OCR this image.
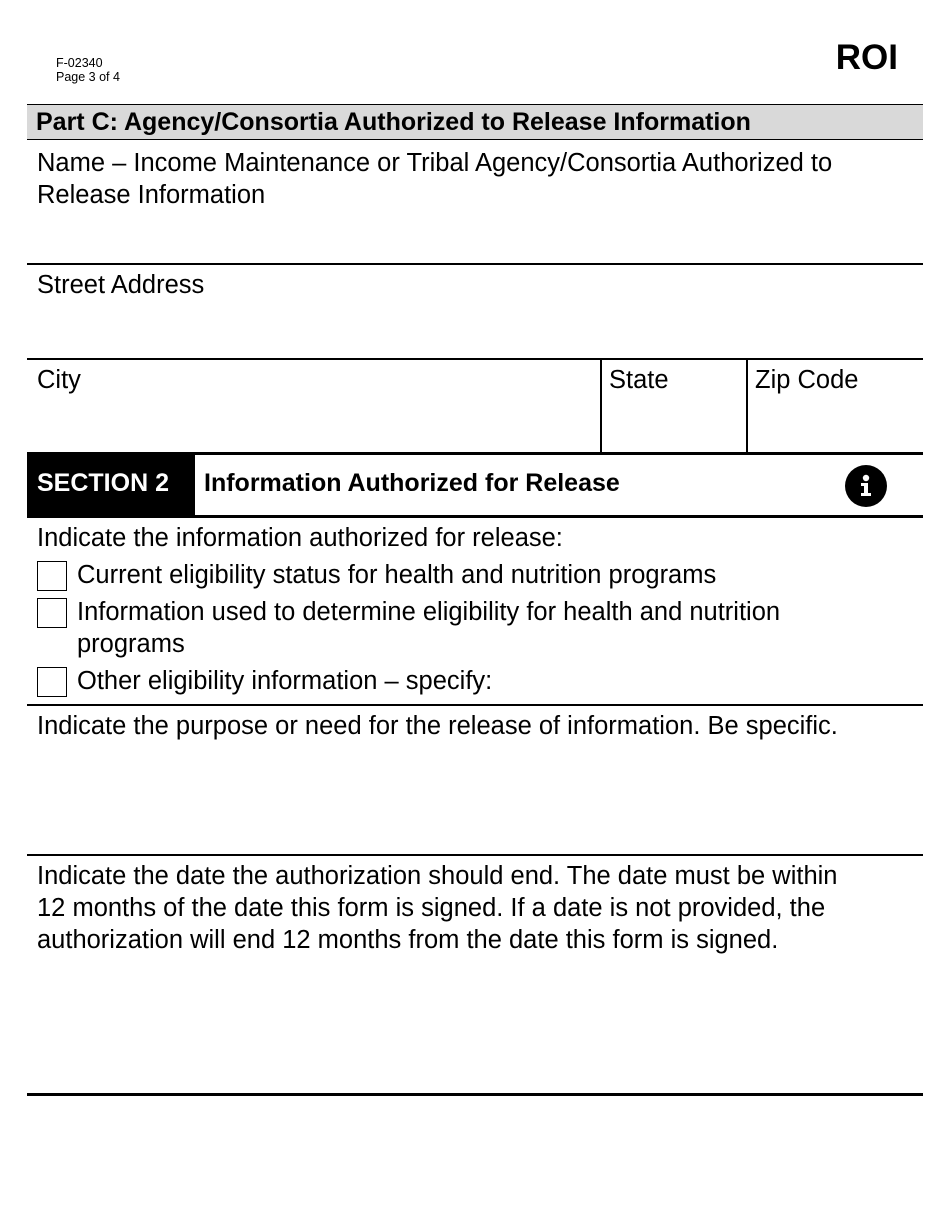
F-02340
Page 3 of 4	ROI
Part C: Agency/Consortia Authorized to Release Information
Name – Income Maintenance or Tribal Agency/Consortia Authorized to
Release Information
Street Address
City	State	Zip Code
SECTION 2 Information Authorized for Release
Indicate the information authorized for release:
Current eligibility status for health and nutrition programs
Information used to determine eligibility for health and nutrition
programs
Other eligibility information – specify:
Indicate the purpose or need for the release of information. Be specific.
Indicate the date the authorization should end. The date must be within
12 months of the date this form is signed. If a date is not provided, the
authorization will end 12 months from the date this form is signed.
